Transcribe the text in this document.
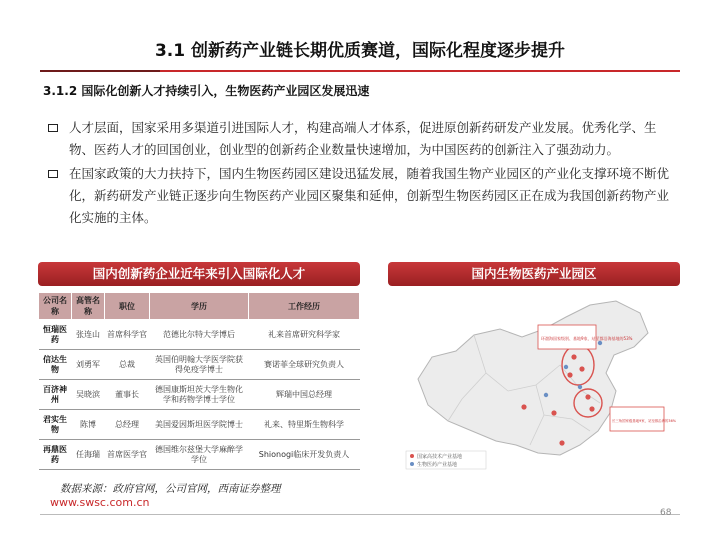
3.1 创新药产业链长期优质赛道，国际化程度逐步提升
3.1.2 国际化创新人才持续引入，生物医药产业园区发展迅速
人才层面，国家采用多渠道引进国际人才，构建高端人才体系，促进原创新药研发产业发展。优秀化学、生物、医药人才的回国创业，创业型的创新药企业数量快速增加，为中国医药的创新注入了强劲动力。
在国家政策的大力扶持下，国内生物医药园区建设迅猛发展，随着我国生物产业园区的产业化支撑环境不断优化，新药研发产业链正逐步向生物医药产业园区聚集和延伸，创新型生物医药园区正在成为我国创新药物产业化实施的主体。
国内创新药企业近年来引入国际化人才	国内生物医药产业园区
公司名称	高管名称	职位	学历	工作经历
恒瑞医药	张连山	首席科学官	范德比尔特大学博后	礼来首席研究科学家
信达生物	刘勇军	总裁	英国伯明翰大学医学院获得免疫学博士	赛诺菲全球研究负责人
百济神州	吴晓滨	董事长	德国康斯坦茨大学生物化学和药物学博士学位	辉瑞中国总经理
君实生物	陈博	总经理	美国爱因斯坦医学院博士	礼来、特里斯生物科学
再鼎医药	任海瑞	首席医学官	德国维尔兹堡大学麻醉学学位	Shionogi临床开发负责人
环渤海国家级别、基地9家，站至都沿海基地的53%
长三角国家级基地9家，站至都沿海的36%
国家高技术产业基地
生物医药产业基地
数据来源：政府官网，公司官网，西南证券整理
www.swsc.com.cn
68
